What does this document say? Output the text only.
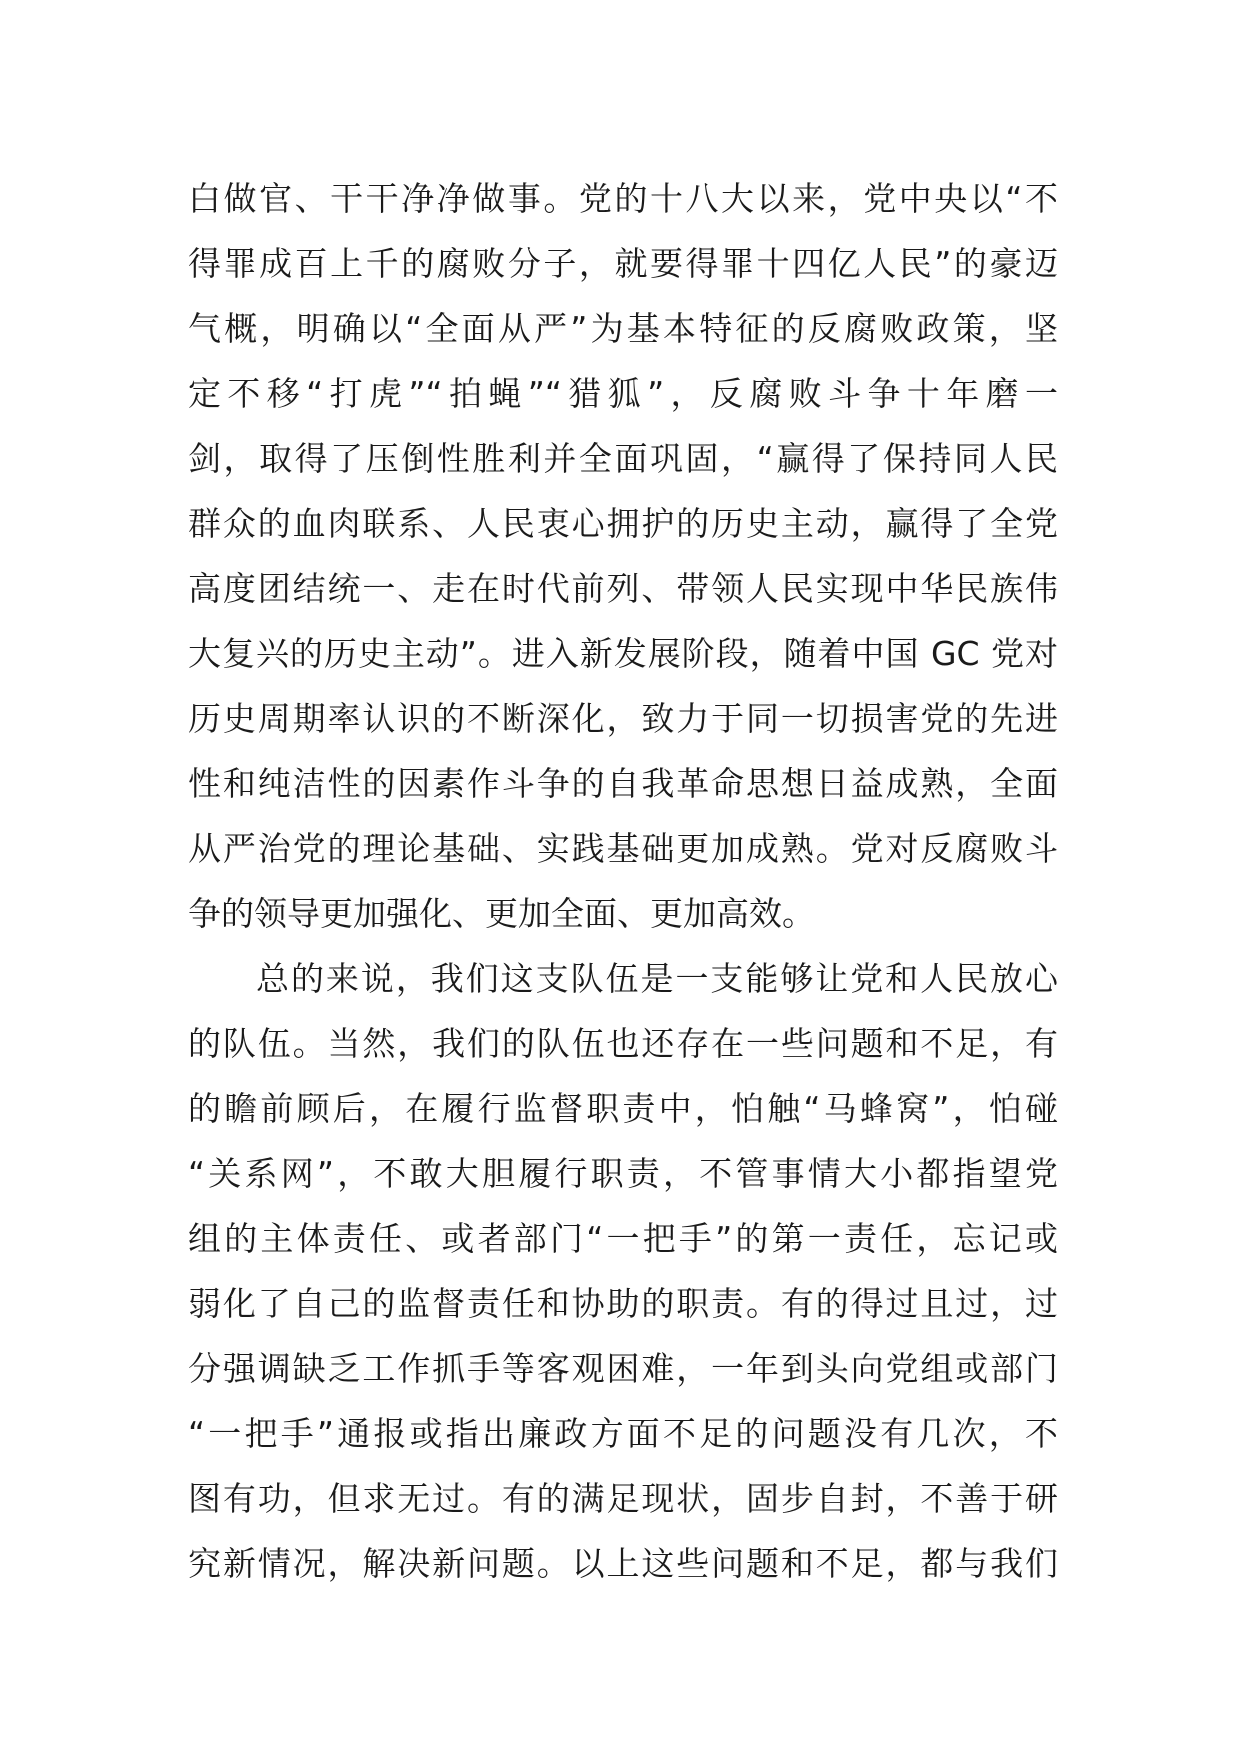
白做官、干干净净做事。党的十八大以来，党中央以“不
得罪成百上千的腐败分子，就要得罪十四亿人民”的豪迈
气概，明确以“全面从严”为基本特征的反腐败政策，坚
定不移“打虎”“拍蝇”“猎狐”，反腐败斗争十年磨一
剑，取得了压倒性胜利并全面巩固，“赢得了保持同人民
群众的血肉联系、人民衷心拥护的历史主动，赢得了全党
高度团结统一、走在时代前列、带领人民实现中华民族伟
大复兴的历史主动”。进入新发展阶段，随着中国 GC 党对
历史周期率认识的不断深化，致力于同一切损害党的先进
性和纯洁性的因素作斗争的自我革命思想日益成熟，全面
从严治党的理论基础、实践基础更加成熟。党对反腐败斗
争的领导更加强化、更加全面、更加高效。
总的来说，我们这支队伍是一支能够让党和人民放心
的队伍。当然，我们的队伍也还存在一些问题和不足，有
的瞻前顾后，在履行监督职责中，怕触“马蜂窝”，怕碰
“关系网”，不敢大胆履行职责，不管事情大小都指望党
组的主体责任、或者部门“一把手”的第一责任，忘记或
弱化了自己的监督责任和协助的职责。有的得过且过，过
分强调缺乏工作抓手等客观困难，一年到头向党组或部门
“一把手”通报或指出廉政方面不足的问题没有几次，不
图有功，但求无过。有的满足现状，固步自封，不善于研
究新情况，解决新问题。以上这些问题和不足，都与我们
